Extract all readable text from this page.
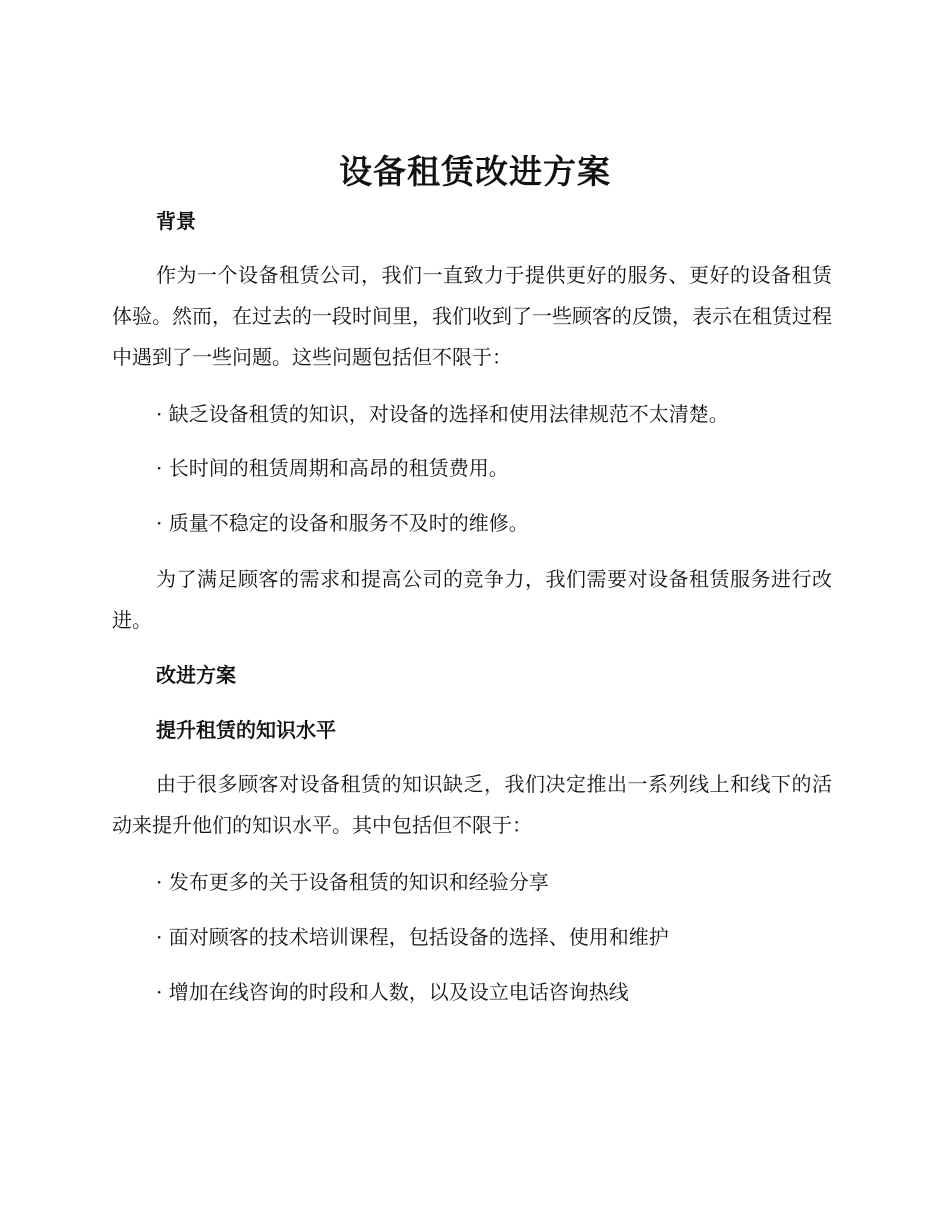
设备租赁改进方案
背景

作为一个设备租赁公司，我们一直致力于提供更好的服务、更好的设备租赁体验。然而，在过去的一段时间里，我们收到了一些顾客的反馈，表示在租赁过程中遇到了一些问题。这些问题包括但不限于：

· 缺乏设备租赁的知识，对设备的选择和使用法律规范不太清楚。
· 长时间的租赁周期和高昂的租赁费用。
· 质量不稳定的设备和服务不及时的维修。

为了满足顾客的需求和提高公司的竞争力，我们需要对设备租赁服务进行改进。

改进方案
提升租赁的知识水平

由于很多顾客对设备租赁的知识缺乏，我们决定推出一系列线上和线下的活动来提升他们的知识水平。其中包括但不限于：

· 发布更多的关于设备租赁的知识和经验分享
· 面对顾客的技术培训课程，包括设备的选择、使用和维护
· 增加在线咨询的时段和人数，以及设立电话咨询热线
